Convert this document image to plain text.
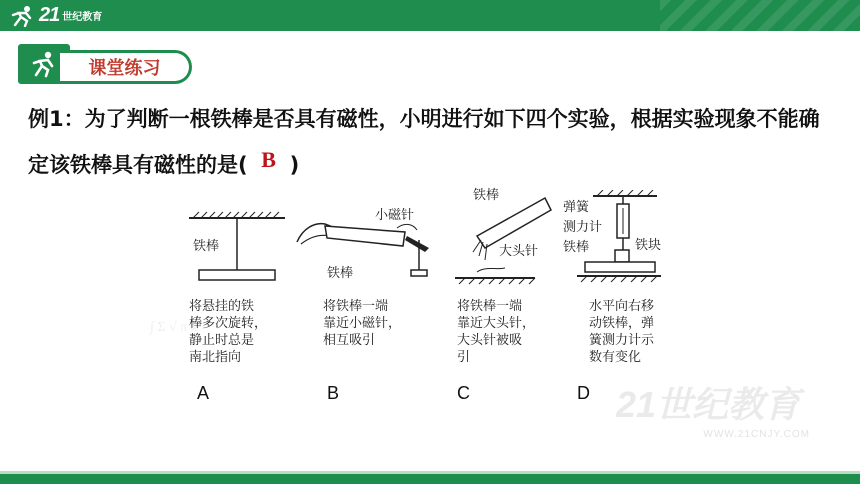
21 世纪教育
∫ Σ √ π x²
课堂练习
例1：为了判断一根铁棒是否具有磁性，小明进行如下四个实验，根据实验现象不能确定该铁棒具有磁性的是( B )
铁棒
小磁针
铁棒
铁棒
大头针
弹簧
测力计
铁棒	铁块
将悬挂的铁
棒多次旋转，
静止时总是
南北指向
将铁棒一端
靠近小磁针，
相互吸引
将铁棒一端
靠近大头针，
大头针被吸
引
水平向右移
动铁棒，弹
簧测力计示
数有变化
A	B	C	D 21世纪教育
WWW.21CNJY.COM
